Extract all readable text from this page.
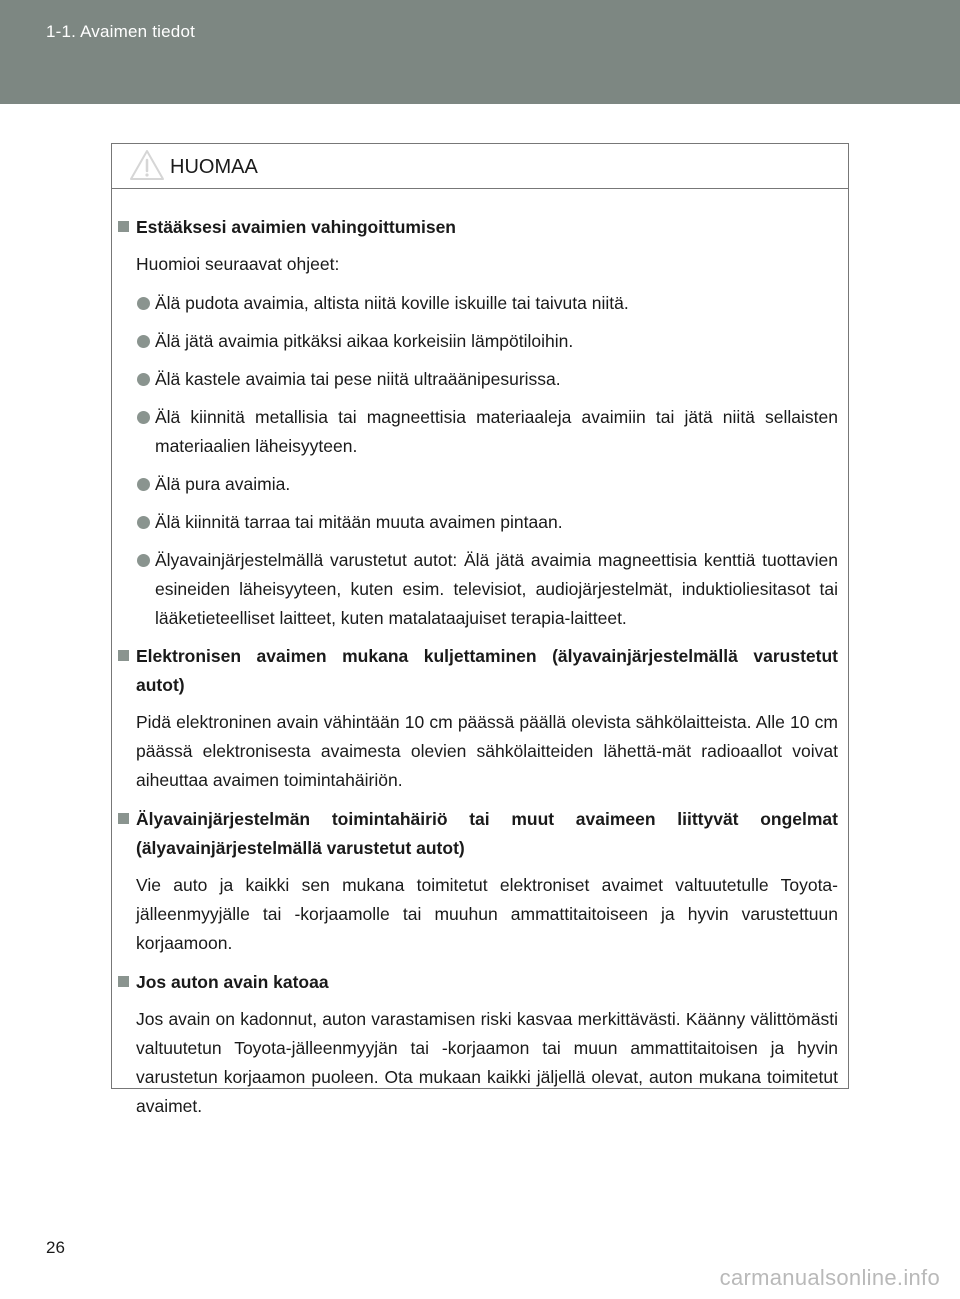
1-1. Avaimen tiedot
HUOMAA
Estääksesi avaimien vahingoittumisen
Huomioi seuraavat ohjeet:
Älä pudota avaimia, altista niitä koville iskuille tai taivuta niitä.
Älä jätä avaimia pitkäksi aikaa korkeisiin lämpötiloihin.
Älä kastele avaimia tai pese niitä ultraäänipesurissa.
Älä kiinnitä metallisia tai magneettisia materiaaleja avaimiin tai jätä niitä sellaisten materiaalien läheisyyteen.
Älä pura avaimia.
Älä kiinnitä tarraa tai mitään muuta avaimen pintaan.
Älyavainjärjestelmällä varustetut autot: Älä jätä avaimia magneettisia kenttiä tuottavien esineiden läheisyyteen, kuten esim. televisiot, audiojärjestelmät, induktioliesitasot tai lääketieteelliset laitteet, kuten matalataajuiset terapia-laitteet.
Elektronisen avaimen mukana kuljettaminen (älyavainjärjestelmällä varustetut autot)
Pidä elektroninen avain vähintään 10 cm päässä päällä olevista sähkölaitteista. Alle 10 cm päässä elektronisesta avaimesta olevien sähkölaitteiden lähettä-mät radioaallot voivat aiheuttaa avaimen toimintahäiriön.
Älyavainjärjestelmän toimintahäiriö tai muut avaimeen liittyvät ongelmat (älyavainjärjestelmällä varustetut autot)
Vie auto ja kaikki sen mukana toimitetut elektroniset avaimet valtuutetulle Toyota-jälleenmyyjälle tai -korjaamolle tai muuhun ammattitaitoiseen ja hyvin varustettuun korjaamoon.
Jos auton avain katoaa
Jos avain on kadonnut, auton varastamisen riski kasvaa merkittävästi. Käänny välittömästi valtuutetun Toyota-jälleenmyyjän tai -korjaamon tai muun ammattitaitoisen ja hyvin varustetun korjaamon puoleen. Ota mukaan kaikki jäljellä olevat, auton mukana toimitetut avaimet.
26
carmanualsonline.info
